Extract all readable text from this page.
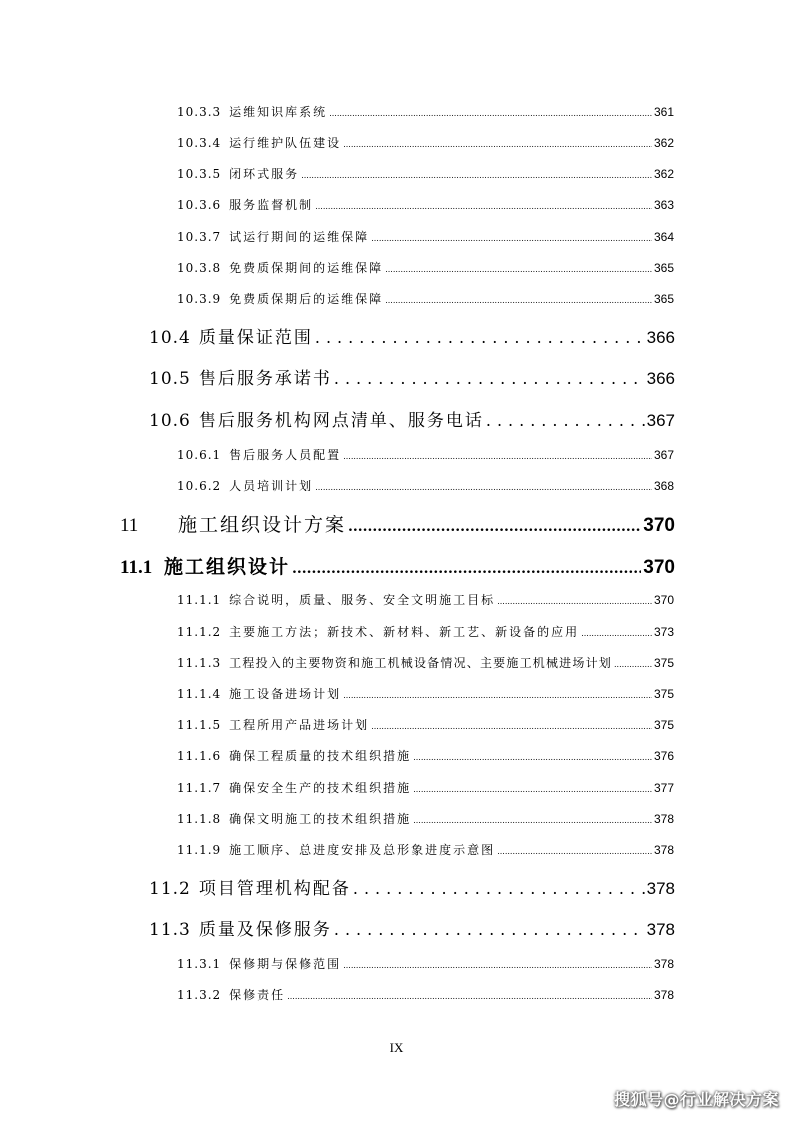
10.3.3 运维知识库系统 .....	361
10.3.4 运行维护队伍建设 .....	362
10.3.5 闭环式服务 .....	362
10.3.6 服务监督机制 .....	363
10.3.7 试运行期间的运维保障 .....	364
10.3.8 免费质保期间的运维保障 .....	365
10.3.9 免费质保期后的运维保障 .....	365
10.4 质量保证范围 .....	366
10.5 售后服务承诺书 .....	366
10.6 售后服务机构网点清单、服务电话 .....	367
10.6.1 售后服务人员配置 .....	367
10.6.2 人员培训计划 .....	368
11	施工组织设计方案 .....	370
11.1 施工组织设计 .....	370
11.1.1 综合说明，质量、服务、安全文明施工目标 .....	370
11.1.2 主要施工方法；新技术、新材料、新工艺、新设备的应用 .....	373
11.1.3 工程投入的主要物资和施工机械设备情况、主要施工机械进场计划 .....	375
11.1.4 施工设备进场计划 .....	375
11.1.5 工程所用产品进场计划 .....	375
11.1.6 确保工程质量的技术组织措施 .....	376
11.1.7 确保安全生产的技术组织措施 .....	377
11.1.8 确保文明施工的技术组织措施 .....	378
11.1.9 施工顺序、总进度安排及总形象进度示意图 .....	378
11.2 项目管理机构配备 .....	378
11.3 质量及保修服务 .....	378
11.3.1 保修期与保修范围 .....	378
11.3.2 保修责任 .....	378
IX
搜狐号@行业解决方案
